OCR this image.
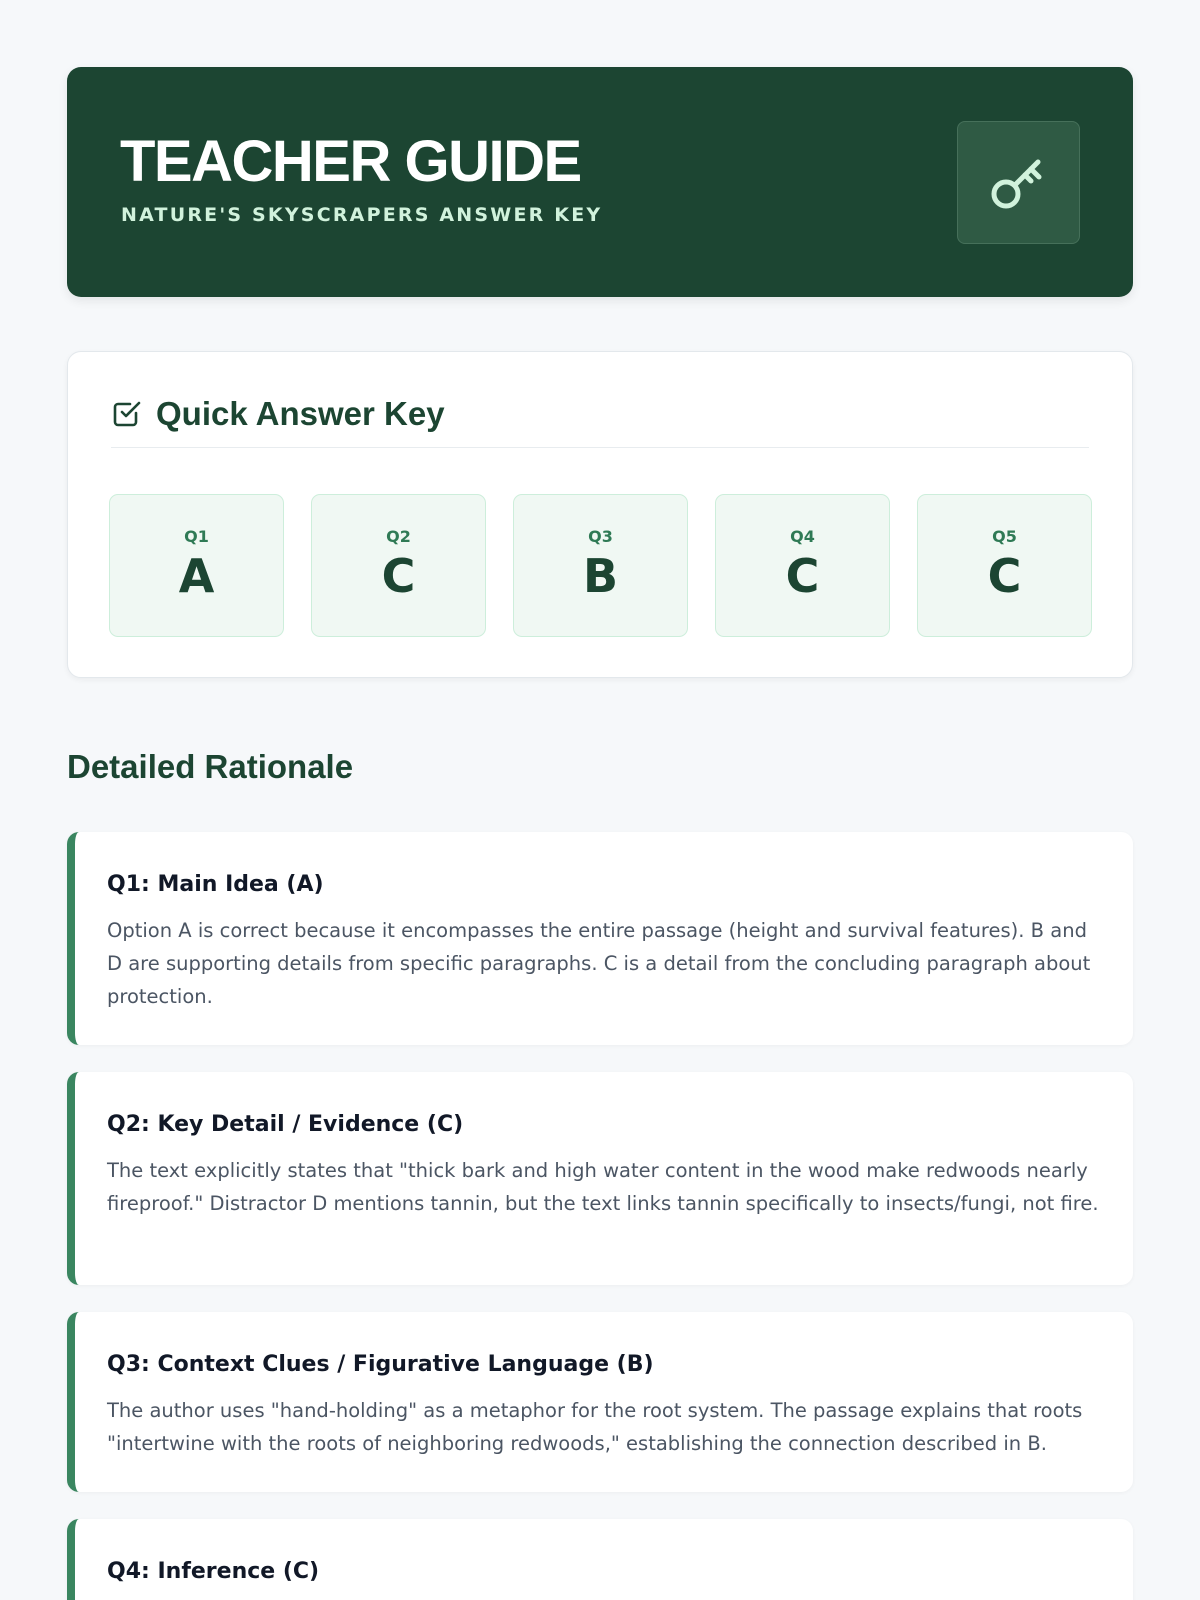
TEACHER GUIDE
NATURE'S SKYSCRAPERS ANSWER KEY
Quick Answer Key
Q1
A
Q2
C
Q3
B
Q4
C
Q5
C
Detailed Rationale
Q1: Main Idea (A)
Option A is correct because it encompasses the entire passage (height and survival features). B and D are supporting details from specific paragraphs. C is a detail from the concluding paragraph about protection.
Q2: Key Detail / Evidence (C)
The text explicitly states that "thick bark and high water content in the wood make redwoods nearly fireproof." Distractor D mentions tannin, but the text links tannin specifically to insects/fungi, not fire.
Q3: Context Clues / Figurative Language (B)
The author uses "hand-holding" as a metaphor for the root system. The passage explains that roots "intertwine with the roots of neighboring redwoods," establishing the connection described in B.
Q4: Inference (C)
